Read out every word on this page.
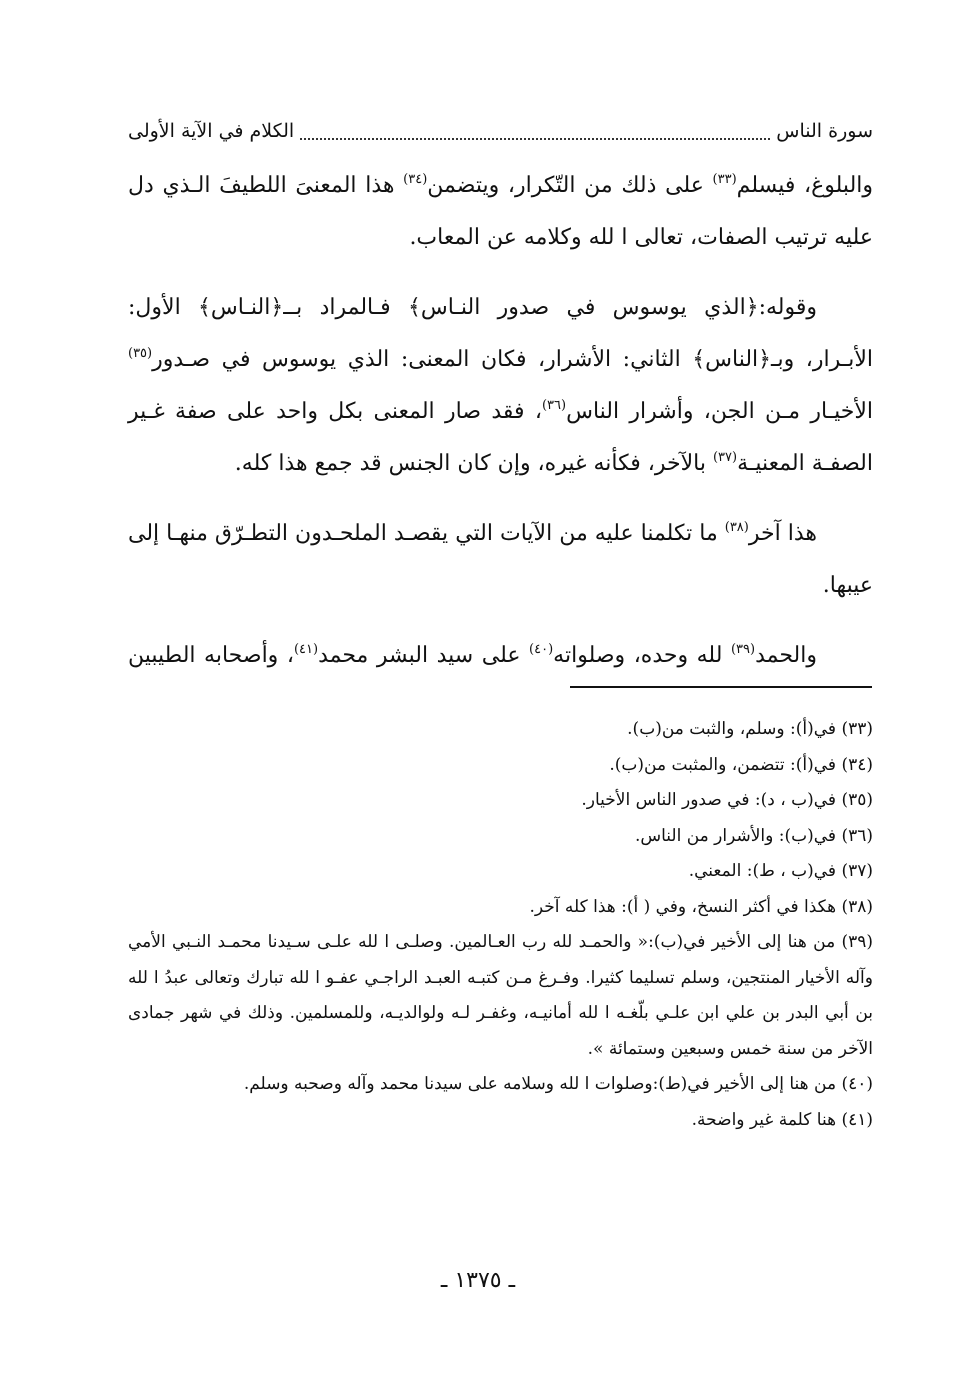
سورة الناس
الكلام في الآية الأولى

والبلوغ، فيسلم$^{(٣٣)}$ على ذلك من التّكرار، ويتضمن$^{(٣٤)}$ هذا المعنىَ اللطيفَ الـذي دل عليه ترتيب الصفات، تعالى ا لله وكلامه عن المعاب.

وقوله:﴿الذي يوسوس في صدور النـاس﴾ فـالمراد بــ﴿النـاس﴾ الأول: الأبـرار، وبـ﴿الناس﴾ الثاني: الأشرار، فكان المعنى: الذي يوسوس في صـدور$^{(٣٥)}$ الأخيـار مـن الجن، وأشرار الناس$^{(٣٦)}$، فقد صار المعنى بكل واحد على صفة غـير الصفـة المعنيـة$^{(٣٧)}$ بالآخر، فكأنه غيره، وإن كان الجنس قد جمع هذا كله.

هذا آخر$^{(٣٨)}$ ما تكلمنا عليه من الآيات التي يقصـد الملحـدون التطـرّق منهـا إلى عيبها.

والحمد$^{(٣٩)}$ لله وحده، وصلواته$^{(٤٠)}$ على سيد البشر محمد$^{(٤١)}$، وأصحابه الطيبين

(٣٣) في(أ): وسلم، والثبت من(ب).

(٣٤) في(أ): تتضمن، والمثبت من(ب).

(٣٥) في(ب ، د): في صدور الناس الأخيار.

(٣٦) في(ب): والأشرار من الناس.

(٣٧) في(ب ، ط): المعني.

(٣٨) هكذا في أكثر النسخ، وفي ( أ): هذا كله آخر.

(٣٩) من هنا إلى الأخير في(ب):« والحمـد لله رب العـالمين. وصلـى ا لله علـى سـيدنا محمـد النـبي الأمي وآله الأخيار المنتجين، وسلم تسليما كثيرا. وفـرغ مـن كتبـه العبـد الراجـي عفـو ا لله تبارك وتعالى عبدُ ا لله بن أبي البدر بن علي ابن علـي بلّغـه ا لله أمانيـه، وغفـر لـه ولوالديـه، وللمسلمين. وذلك في شهر جمادى الآخر من سنة خمس وسبعين وستمائة ».

(٤٠) من هنا إلى الأخير في(ط):وصلوات ا لله وسلامه على سيدنا محمد وآله وصحبه وسلم.

(٤١) هنا كلمة غير واضحة.

ـ ١٣٧٥ ـ
